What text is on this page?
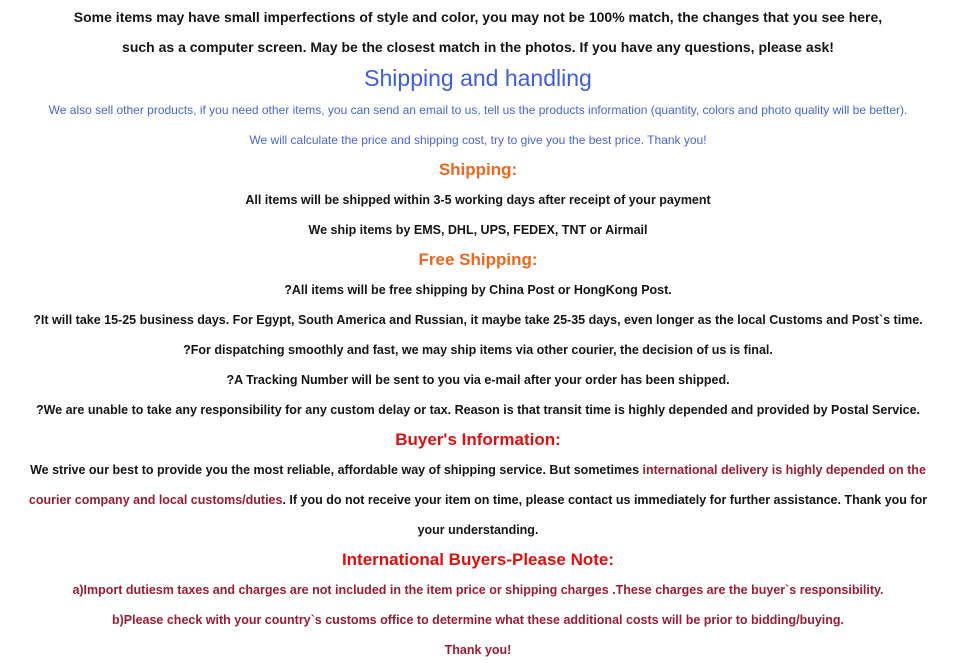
Some items may have small imperfections of style and color, you may not be 100% match, the changes that you see here,
such as a computer screen. May be the closest match in the photos. If you have any questions, please ask!
Shipping and handling
We also sell other products, if you need other items, you can send an email to us, tell us the products information (quantity, colors and photo quality will be better).
We will calculate the price and shipping cost, try to give you the best price. Thank you!
Shipping:
All items will be shipped within 3-5 working days after receipt of your payment
We ship items by EMS, DHL, UPS, FEDEX, TNT or Airmail
Free Shipping:
?All items will be free shipping by China Post or HongKong Post.
?It will take 15-25 business days. For Egypt, South America and Russian, it maybe take 25-35 days, even longer as the local Customs and Post`s time.
?For dispatching smoothly and fast, we may ship items via other courier, the decision of us is final.
?A Tracking Number will be sent to you via e-mail after your order has been shipped.
?We are unable to take any responsibility for any custom delay or tax. Reason is that transit time is highly depended and provided by Postal Service.
Buyer's Information:
We strive our best to provide you the most reliable, affordable way of shipping service. But sometimes international delivery is highly depended on the
courier company and local customs/duties. If you do not receive your item on time, please contact us immediately for further assistance. Thank you for
your understanding.
International Buyers-Please Note:
a)Import dutiesm taxes and charges are not included in the item price or shipping charges .These charges are the buyer`s responsibility.
b)Please check with your country`s customs office to determine what these additional costs will be prior to bidding/buying.
Thank you!
